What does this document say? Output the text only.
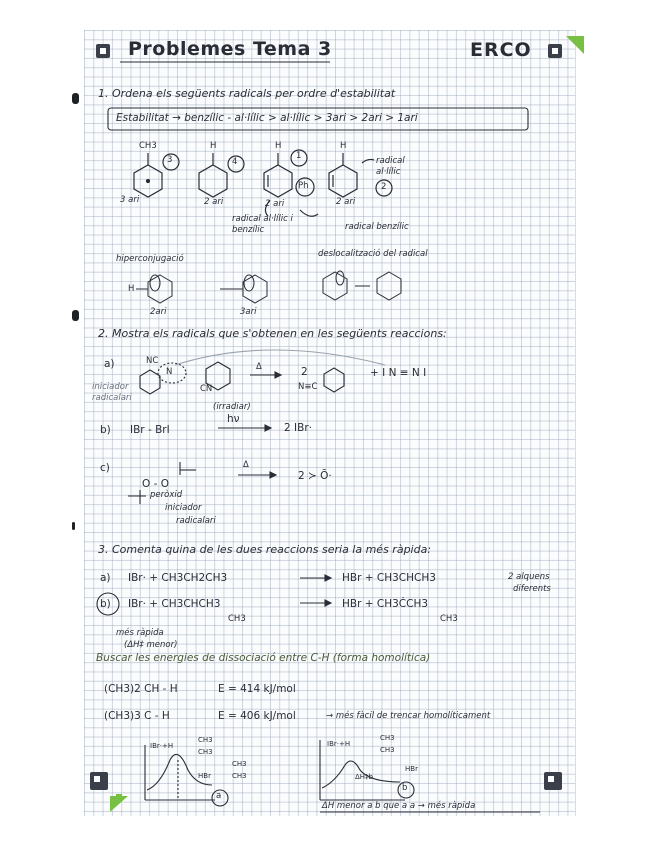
Problemes Tema 3	ERCO
1. Ordena els següents radicals per ordre d'estabilitat
Estabilitat → benzílic - al·lílic > al·lílic > 3ari > 2ari > 1ari
CH3
3
3 ari
H
4
2 ari
H
1
Ph
2 ari
radical al·lílic i benzílic	radical benzílic
H
radical al·lílic
2
2 ari
hiperconjugació	deslocalització del radical
H
2ari	3ari
2. Mostra els radicals que s'obtenen en les següents reaccions:
a)	NC
N
CN
Δ	2
N≡C
+ I N ≡ N I
iniciador radicalari
b) IBr - BrI
(irradiar)
hν
2 IBr·
c)
O - O
Δ
2 ≻ Ō·
peròxid
iniciador
radicalari
3. Comenta quina de les dues reaccions seria la més ràpida:
a) IBr· + CH3CH2CH3	HBr + CH3CHCH3	2 alquens
diferents
b) IBr· + CH3CHCH3
CH3
HBr + CH3ĊCH3
CH3
més ràpida
(ΔH‡ menor)
Buscar les energies de dissociació entre C-H (forma homolítica)
(CH3)2 CH - H	E = 414 kJ/mol
(CH3)3 C - H	E = 406 kJ/mol	→ més fàcil de trencar homolíticament
IBr·+H
CH3
CH3
HBr
CH3
CH3
a
IBr·+H
CH3
CH3
ΔH‡b
HBr
b
ΔH menor a b que a a → més ràpida
